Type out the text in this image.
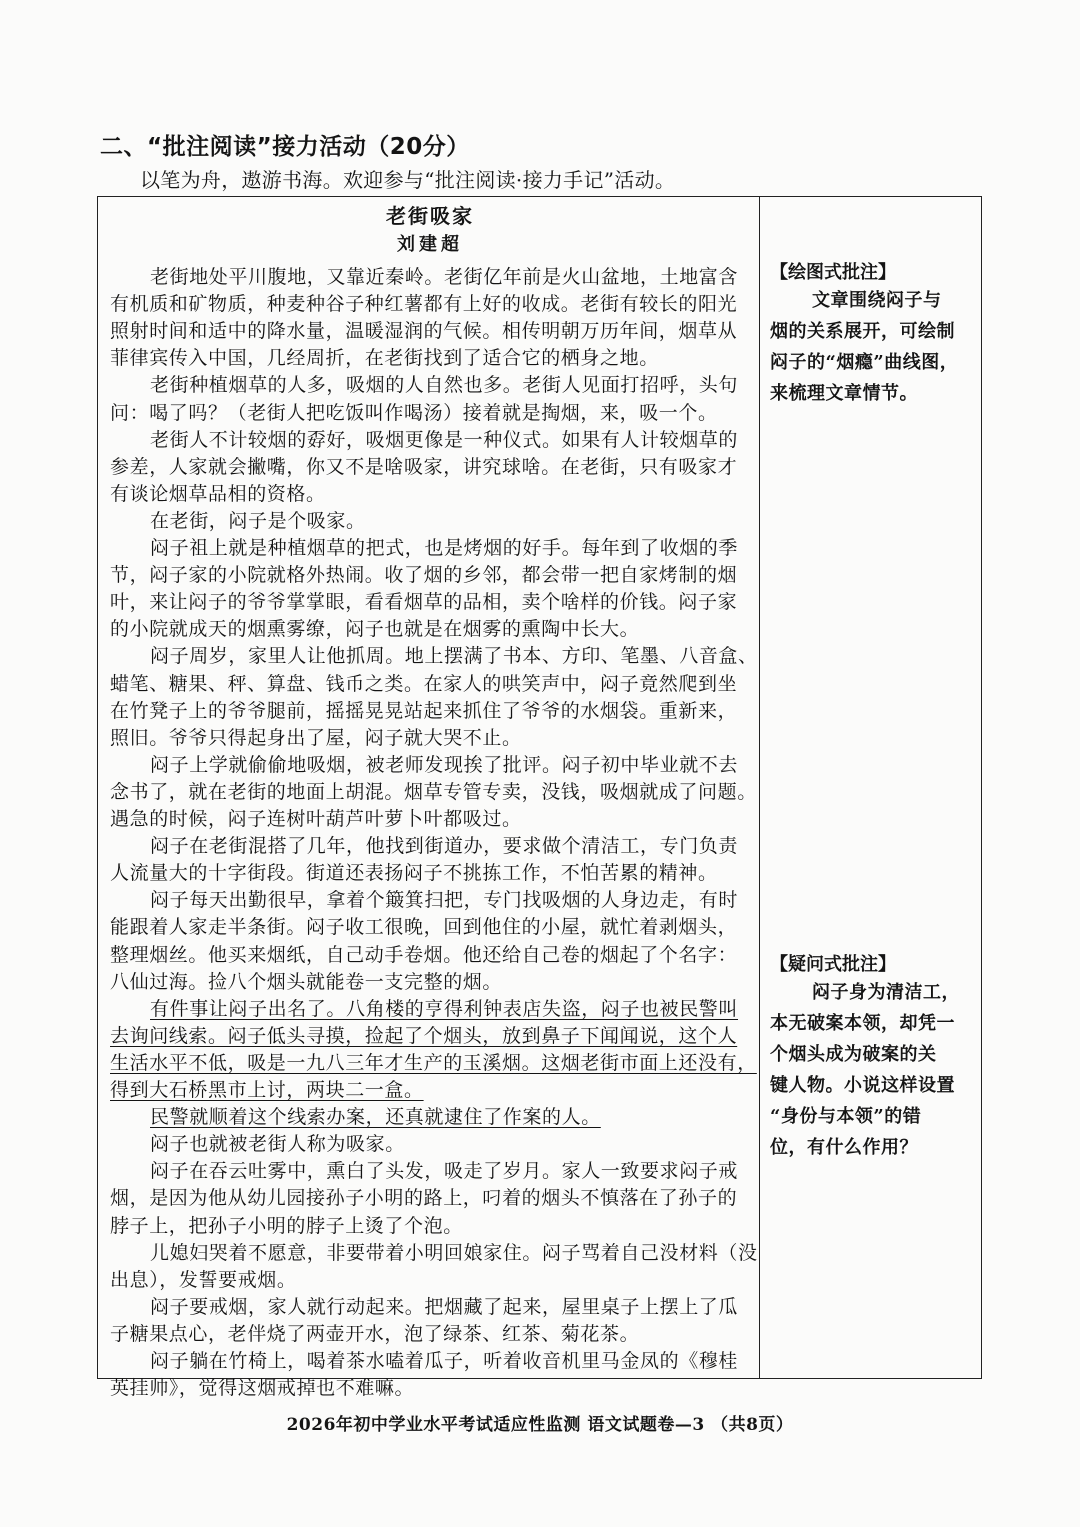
二、“批注阅读”接力活动（20分）
以笔为舟，遨游书海。欢迎参与“批注阅读·接力手记”活动。
老街吸家
刘建超
老街地处平川腹地，又靠近秦岭。老街亿年前是火山盆地，土地富含
有机质和矿物质，种麦种谷子种红薯都有上好的收成。老街有较长的阳光
照射时间和适中的降水量，温暖湿润的气候。相传明朝万历年间，烟草从
菲律宾传入中国，几经周折，在老街找到了适合它的栖身之地。
老街种植烟草的人多，吸烟的人自然也多。老街人见面打招呼，头句
问：喝了吗？（老街人把吃饭叫作喝汤）接着就是掏烟，来，吸一个。
老街人不计较烟的孬好，吸烟更像是一种仪式。如果有人计较烟草的
参差，人家就会撇嘴，你又不是啥吸家，讲究球啥。在老街，只有吸家才
有谈论烟草品相的资格。
在老街，闷子是个吸家。
闷子祖上就是种植烟草的把式，也是烤烟的好手。每年到了收烟的季
节，闷子家的小院就格外热闹。收了烟的乡邻，都会带一把自家烤制的烟
叶，来让闷子的爷爷掌掌眼，看看烟草的品相，卖个啥样的价钱。闷子家
的小院就成天的烟熏雾缭，闷子也就是在烟雾的熏陶中长大。
闷子周岁，家里人让他抓周。地上摆满了书本、方印、笔墨、八音盒、
蜡笔、糖果、秤、算盘、钱币之类。在家人的哄笑声中，闷子竟然爬到坐
在竹凳子上的爷爷腿前，摇摇晃晃站起来抓住了爷爷的水烟袋。重新来，
照旧。爷爷只得起身出了屋，闷子就大哭不止。
闷子上学就偷偷地吸烟，被老师发现挨了批评。闷子初中毕业就不去
念书了，就在老街的地面上胡混。烟草专管专卖，没钱，吸烟就成了问题。
遇急的时候，闷子连树叶葫芦叶萝卜叶都吸过。
闷子在老街混搭了几年，他找到街道办，要求做个清洁工，专门负责
人流量大的十字街段。街道还表扬闷子不挑拣工作，不怕苦累的精神。
闷子每天出勤很早，拿着个簸箕扫把，专门找吸烟的人身边走，有时
能跟着人家走半条街。闷子收工很晚，回到他住的小屋，就忙着剥烟头，
整理烟丝。他买来烟纸，自己动手卷烟。他还给自己卷的烟起了个名字：
八仙过海。捡八个烟头就能卷一支完整的烟。
有件事让闷子出名了。八角楼的亨得利钟表店失盗，闷子也被民警叫
去询问线索。闷子低头寻摸，捡起了个烟头，放到鼻子下闻闻说，这个人
生活水平不低，吸是一九八三年才生产的玉溪烟。这烟老街市面上还没有，
得到大石桥黑市上讨，两块二一盒。
民警就顺着这个线索办案，还真就逮住了作案的人。
闷子也就被老街人称为吸家。
闷子在吞云吐雾中，熏白了头发，吸走了岁月。家人一致要求闷子戒
烟，是因为他从幼儿园接孙子小明的路上，叼着的烟头不慎落在了孙子的
脖子上，把孙子小明的脖子上烫了个泡。
儿媳妇哭着不愿意，非要带着小明回娘家住。闷子骂着自己没材料（没
出息），发誓要戒烟。
闷子要戒烟，家人就行动起来。把烟藏了起来，屋里桌子上摆上了瓜
子糖果点心，老伴烧了两壶开水，泡了绿茶、红茶、菊花茶。
闷子躺在竹椅上，喝着茶水嗑着瓜子，听着收音机里马金凤的《穆桂
英挂帅》，觉得这烟戒掉也不难嘛。
【绘图式批注】
文章围绕闷子与
烟的关系展开，可绘制
闷子的“烟瘾”曲线图，
来梳理文章情节。
【疑问式批注】
闷子身为清洁工，
本无破案本领，却凭一
个烟头成为破案的关
键人物。小说这样设置
“身份与本领”的错
位，有什么作用？
2026年初中学业水平考试适应性监测 语文试题卷—3 （共8页）
